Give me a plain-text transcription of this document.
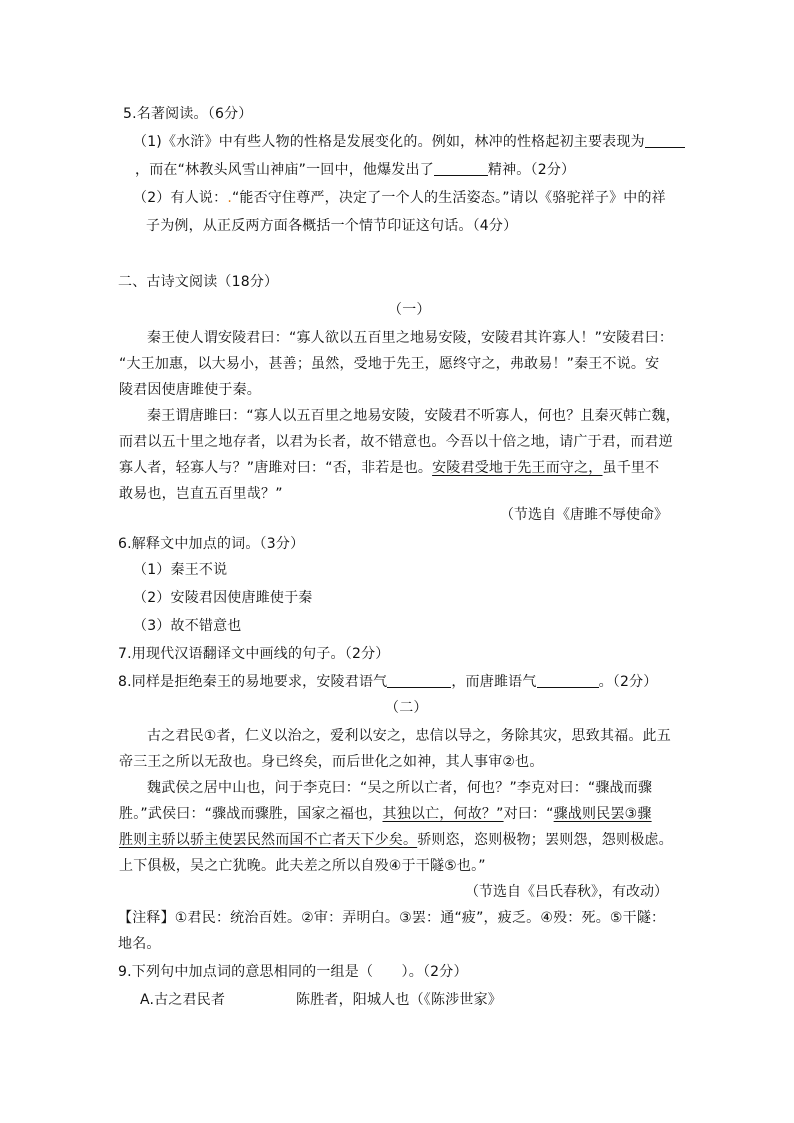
5.名著阅读。（6分）
（1)《水浒》中有些人物的性格是发展变化的。例如，林冲的性格起初主要表现为
，而在“林教头风雪山神庙”一回中，他爆发出了	精神。（2分）
（2）有人说：.“能否守住尊严，决定了一个人的生活姿态。”请以《骆驼祥子》中的祥
子为例，从正反两方面各概括一个情节印证这句话。（4分）
二、古诗文阅读（18分）
（一）
秦王使人谓安陵君曰：“寡人欲以五百里之地易安陵，安陵君其许寡人！”安陵君曰：
“大王加惠，以大易小，甚善；虽然，受地于先王，愿终守之，弗敢易！”秦王不说。安
陵君因使唐雎使于秦。
秦王谓唐雎曰：“寡人以五百里之地易安陵，安陵君不听寡人，何也？且秦灭韩亡魏，
而君以五十里之地存者，以君为长者，故不错意也。今吾以十倍之地，请广于君，而君逆
寡人者，轻寡人与？”唐雎对曰：“否，非若是也。安陵君受地于先王而守之，虽千里不
敢易也，岂直五百里哉？”
（节选自《唐雎不辱使命》
6.解释文中加点的词。（3分）
（1）秦王不说
（2）安陵君因使唐雎使于秦
（3）故不错意也
7.用现代汉语翻译文中画线的句子。（2分）
8.同样是拒绝秦王的易地要求，安陵君语气	，而唐雎语气	。（2分）
（二）
古之君民①者，仁义以治之，爱利以安之，忠信以导之，务除其灾，思致其福。此五
帝三王之所以无敌也。身已终矣，而后世化之如神，其人事审②也。
魏武侯之居中山也，问于李克曰：“吴之所以亡者，何也？”李克对曰：“骤战而骤
胜。”武侯曰：“骤战而骤胜，国家之福也，其独以亡，何故？”对曰：“骤战则民罢③骤
胜则主骄以骄主使罢民然而国不亡者天下少矣。骄则恣，恣则极物；罢则怨，怨则极虑。
上下俱极，吴之亡犹晚。此夫差之所以自殁④于干隧⑤也。”
（节选自《吕氏春秋》，有改动）
【注释】①君民：统治百姓。②审：弄明白。③罢：通“疲”，疲乏。④殁：死。⑤干隧：
地名。
9.下列句中加点词的意思相同的一组是（　　）。（2分）
A.古之君民者	陈胜者，阳城人也（《陈涉世家》
